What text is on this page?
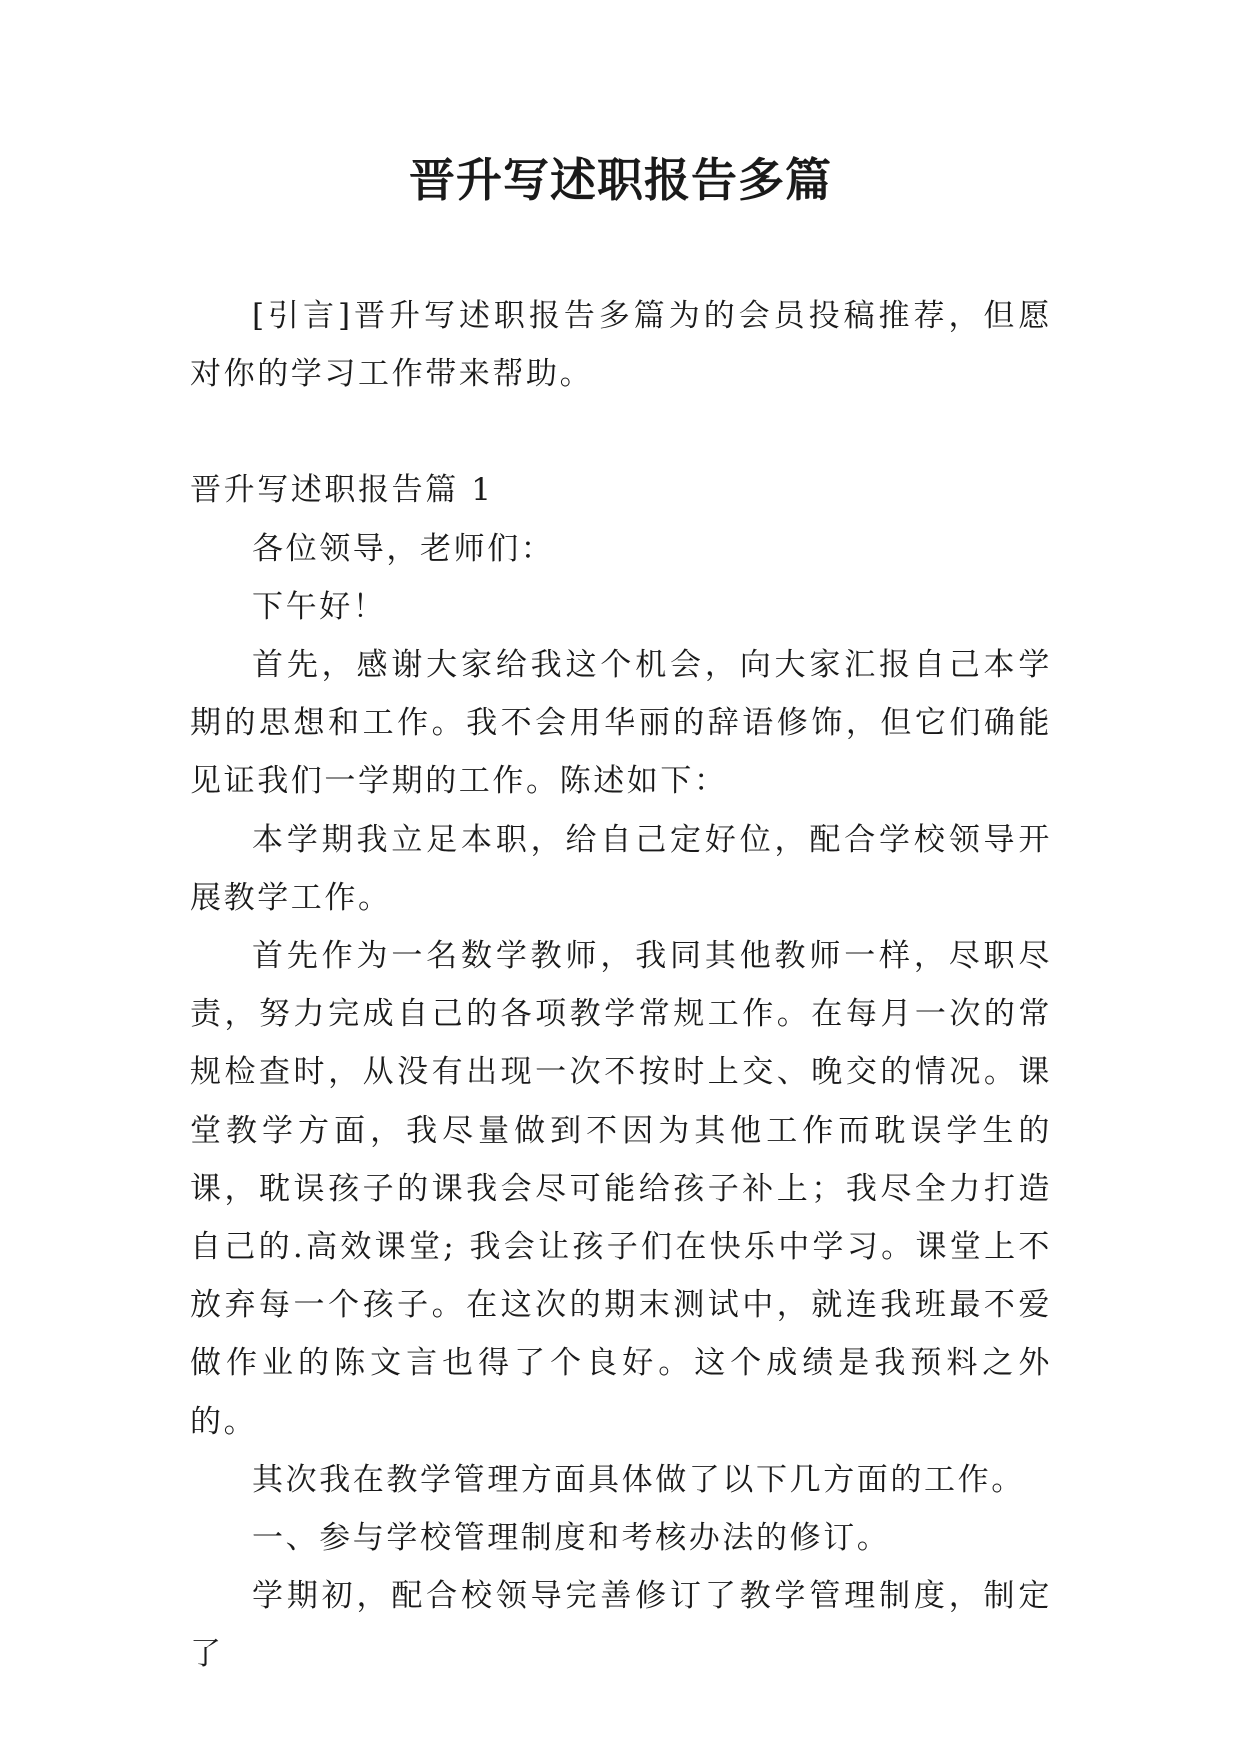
晋升写述职报告多篇

[引言]晋升写述职报告多篇为的会员投稿推荐，但愿对你的学习工作带来帮助。

晋升写述职报告篇 1

各位领导，老师们：

下午好！

首先，感谢大家给我这个机会，向大家汇报自己本学期的思想和工作。我不会用华丽的辞语修饰，但它们确能见证我们一学期的工作。陈述如下：

本学期我立足本职，给自己定好位，配合学校领导开展教学工作。

首先作为一名数学教师，我同其他教师一样，尽职尽责，努力完成自己的各项教学常规工作。在每月一次的常规检查时，从没有出现一次不按时上交、晚交的情况。课堂教学方面，我尽量做到不因为其他工作而耽误学生的课，耽误孩子的课我会尽可能给孩子补上；我尽全力打造自己的.高效课堂; 我会让孩子们在快乐中学习。课堂上不放弃每一个孩子。在这次的期末测试中，就连我班最不爱做作业的陈文言也得了个良好。这个成绩是我预料之外的。

其次我在教学管理方面具体做了以下几方面的工作。

一、参与学校管理制度和考核办法的修订。

学期初，配合校领导完善修订了教学管理制度，制定了
